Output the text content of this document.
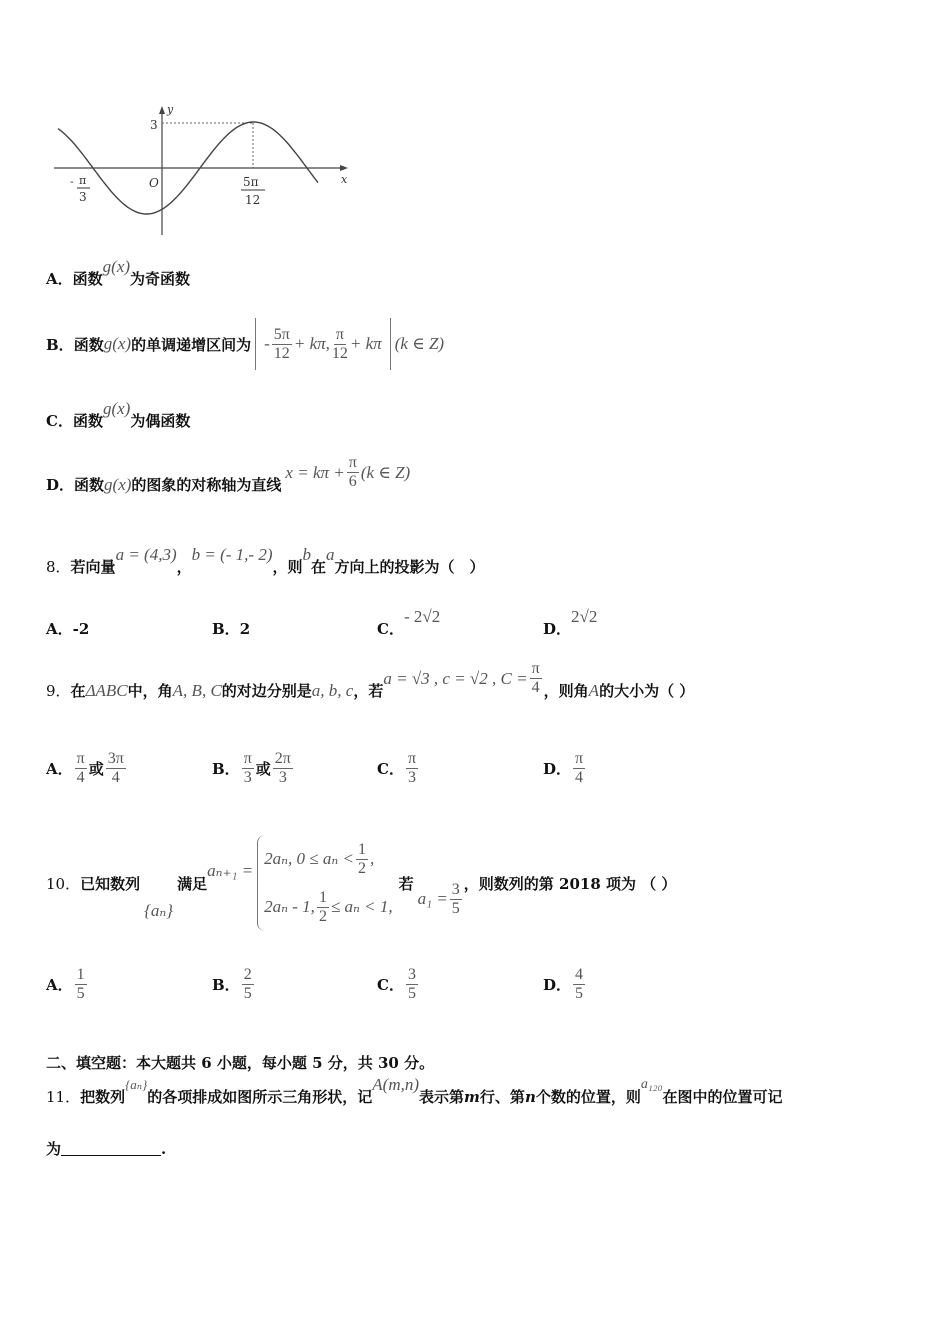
y
x
3
O
- π
3
5π
12
A． 函数
g(x)
为奇函数
B． 函数 g(x) 的单调递增区间为 - $\frac{5\pi}{12} + k\pi$, $\frac{\pi}{12} + k\pi$ (k ∈ Z)
C． 函数
g(x)
为偶函数
D． 函数 g(x) 的图象的对称轴为直线
$x = k\pi + \frac{\pi}{6} (k$ ∈ Z)
8． 若向量
a = (4,3)
，
b = (- 1,- 2)
，则
b
在
a
方向上的投影为（　）
A． -2	B． 2	C．
- 2√2
D．
2√2
9． 在 ΔABC 中，角 A, B, C 的对边分别是 a, b, c ，若
a = √3 , c = √2 , $C = \frac{\pi}{4}$ ，则角 A 的大小为（ ）
A． $\frac{\pi}{4}$ 或 $\frac{3\pi}{4}$	B． $\frac{\pi}{3}$ 或 $\frac{2\pi}{3}$	C． $\frac{\pi}{3}$	D． $\frac{\pi}{4}$
10． 已知数列
{aₙ}
满足
aₙ₊₁ =
2aₙ, $0 \le a_n < \frac{1}{2}$ ,
2aₙ - 1, $\frac{1}{2} \le a_n < 1$,
若
$a_1 = \frac{3}{5}$ ，则数列的第 2018 项为 （ ）
A． $\frac{1}{5}$	B． $\frac{2}{5}$	C． $\frac{3}{5}$	D． $\frac{4}{5}$
二、填空题：本大题共 6 小题，每小题 5 分，共 30 分。
11． 把数列
{aₙ}
的各项排成如图所示三角形状，记
A(m,n)
表示第 m 行、第 n 个数的位置，则
a₁₂₀
在图中的位置可记
为	.
